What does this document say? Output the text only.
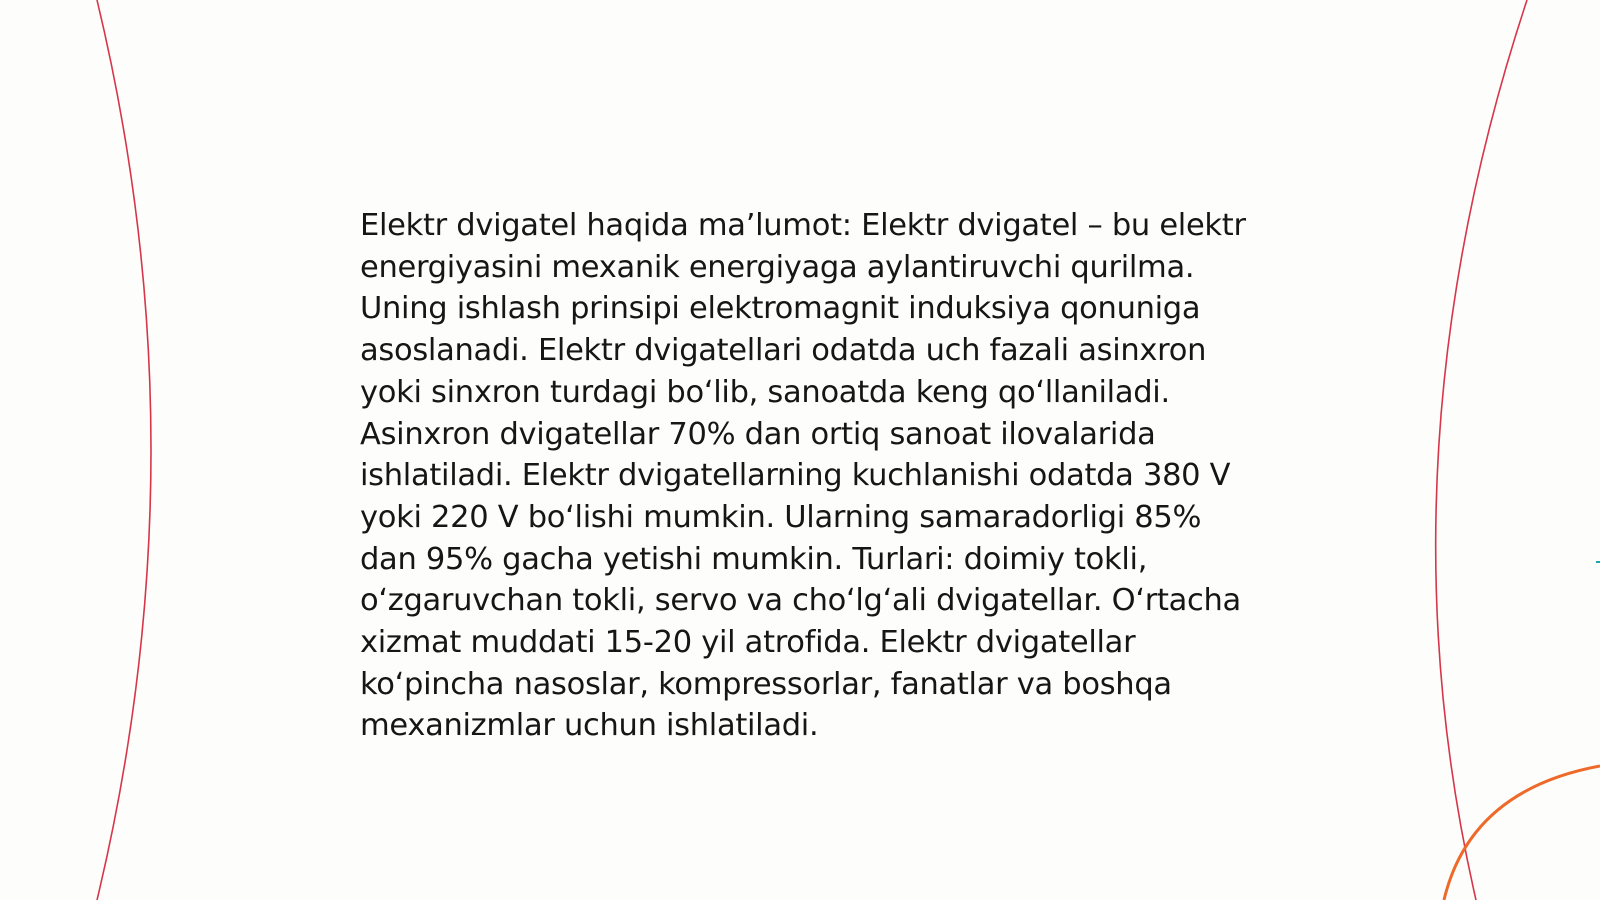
Elektr dvigatel haqida maʼlumot: Elektr dvigatel – bu elektr energiyasini mexanik energiyaga aylantiruvchi qurilma. Uning ishlash prinsipi elektromagnit induksiya qonuniga asoslanadi. Elektr dvigatellari odatda uch fazali asinxron yoki sinxron turdagi boʻlib, sanoatda keng qoʻllaniladi. Asinxron dvigatellar 70% dan ortiq sanoat ilovalarida ishlatiladi. Elektr dvigatellarning kuchlanishi odatda 380 V yoki 220 V boʻlishi mumkin. Ularning samaradorligi 85% dan 95% gacha yetishi mumkin. Turlari: doimiy tokli, oʻzgaruvchan tokli, servo va choʻlgʻali dvigatellar. Oʻrtacha xizmat muddati 15-20 yil atrofida. Elektr dvigatellar koʻpincha nasoslar, kompressorlar, fanatlar va boshqa mexanizmlar uchun ishlatiladi.
